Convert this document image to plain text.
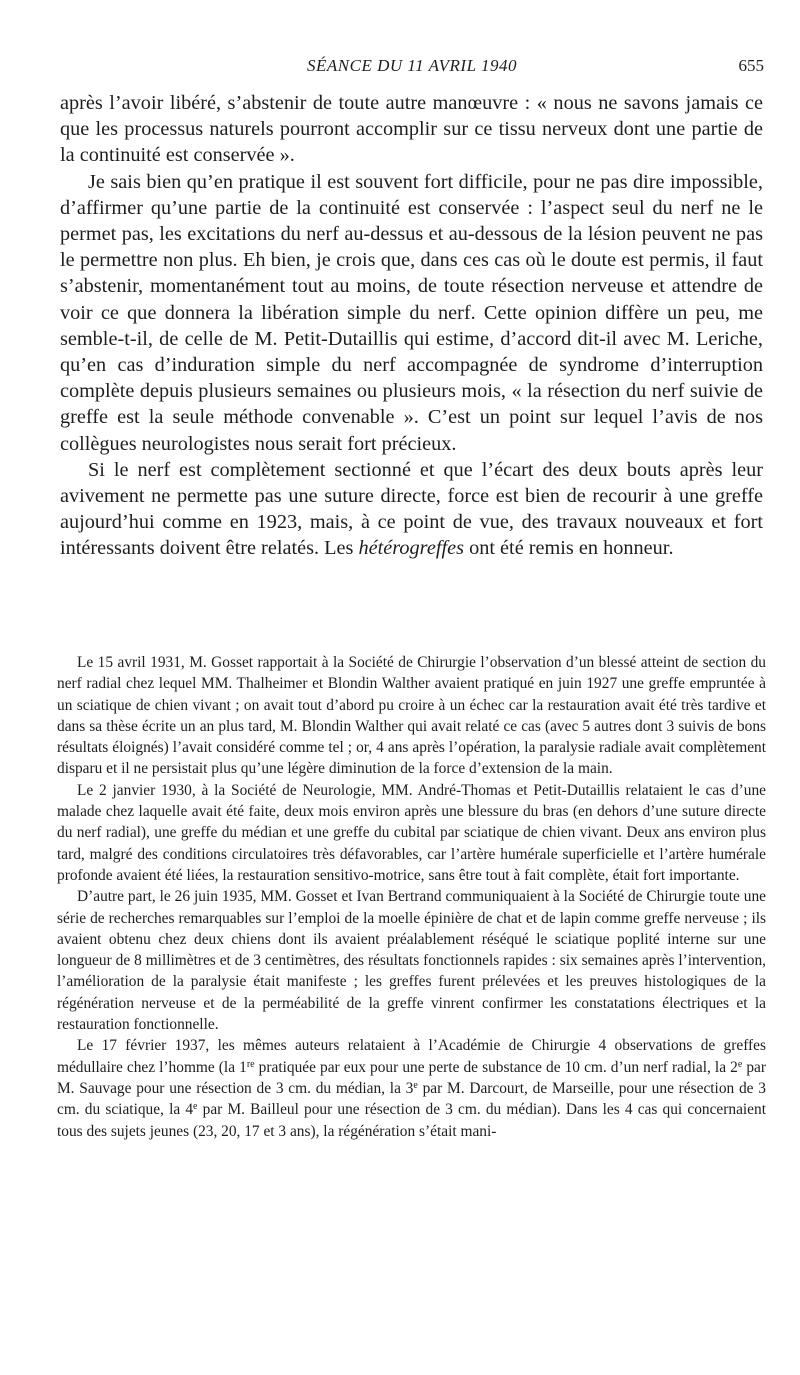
SÉANCE DU 11 AVRIL 1940	655

après l’avoir libéré, s’abstenir de toute autre manœuvre : « nous ne savons jamais ce que les processus naturels pourront accomplir sur ce tissu nerveux dont une partie de la continuité est conservée ».

Je sais bien qu’en pratique il est souvent fort difficile, pour ne pas dire impossible, d’affirmer qu’une partie de la continuité est conservée : l’aspect seul du nerf ne le permet pas, les excitations du nerf au-dessus et au-dessous de la lésion peuvent ne pas le permettre non plus. Eh bien, je crois que, dans ces cas où le doute est permis, il faut s’abstenir, momentanément tout au moins, de toute résection nerveuse et attendre de voir ce que donnera la libération simple du nerf. Cette opinion diffère un peu, me semble-t-il, de celle de M. Petit-Dutaillis qui estime, d’accord dit-il avec M. Leriche, qu’en cas d’induration simple du nerf accompagnée de syndrome d’interruption complète depuis plusieurs semaines ou plusieurs mois, « la résection du nerf suivie de greffe est la seule méthode convenable ». C’est un point sur lequel l’avis de nos collègues neurologistes nous serait fort précieux.

Si le nerf est complètement sectionné et que l’écart des deux bouts après leur avivement ne permette pas une suture directe, force est bien de recourir à une greffe aujourd’hui comme en 1923, mais, à ce point de vue, des travaux nouveaux et fort intéressants doivent être relatés. Les hétérogreffes ont été remis en honneur.

Le 15 avril 1931, M. Gosset rapportait à la Société de Chirurgie l’observation d’un blessé atteint de section du nerf radial chez lequel MM. Thalheimer et Blondin Walther avaient pratiqué en juin 1927 une greffe empruntée à un sciatique de chien vivant ; on avait tout d’abord pu croire à un échec car la restauration avait été très tardive et dans sa thèse écrite un an plus tard, M. Blondin Walther qui avait relaté ce cas (avec 5 autres dont 3 suivis de bons résultats éloignés) l’avait considéré comme tel ; or, 4 ans après l’opération, la paralysie radiale avait complètement disparu et il ne persistait plus qu’une légère diminution de la force d’extension de la main.

Le 2 janvier 1930, à la Société de Neurologie, MM. André-Thomas et Petit-Dutaillis relataient le cas d’une malade chez laquelle avait été faite, deux mois environ après une blessure du bras (en dehors d’une suture directe du nerf radial), une greffe du médian et une greffe du cubital par sciatique de chien vivant. Deux ans environ plus tard, malgré des conditions circulatoires très défavorables, car l’artère humérale superficielle et l’artère humérale profonde avaient été liées, la restauration sensitivo-motrice, sans être tout à fait complète, était fort importante.

D’autre part, le 26 juin 1935, MM. Gosset et Ivan Bertrand communiquaient à la Société de Chirurgie toute une série de recherches remarquables sur l’emploi de la moelle épinière de chat et de lapin comme greffe nerveuse ; ils avaient obtenu chez deux chiens dont ils avaient préalablement réséqué le sciatique poplité interne sur une longueur de 8 millimètres et de 3 centimètres, des résultats fonctionnels rapides : six semaines après l’intervention, l’amélioration de la paralysie était manifeste ; les greffes furent prélevées et les preuves histologiques de la régénération nerveuse et de la perméabilité de la greffe vinrent confirmer les constatations électriques et la restauration fonctionnelle.

Le 17 février 1937, les mêmes auteurs relataient à l’Académie de Chirurgie 4 observations de greffes médullaire chez l’homme (la 1re pratiquée par eux pour une perte de substance de 10 cm. d’un nerf radial, la 2e par M. Sauvage pour une résection de 3 cm. du médian, la 3e par M. Darcourt, de Marseille, pour une résection de 3 cm. du sciatique, la 4e par M. Bailleul pour une résection de 3 cm. du médian). Dans les 4 cas qui concernaient tous des sujets jeunes (23, 20, 17 et 3 ans), la régénération s’était mani-
